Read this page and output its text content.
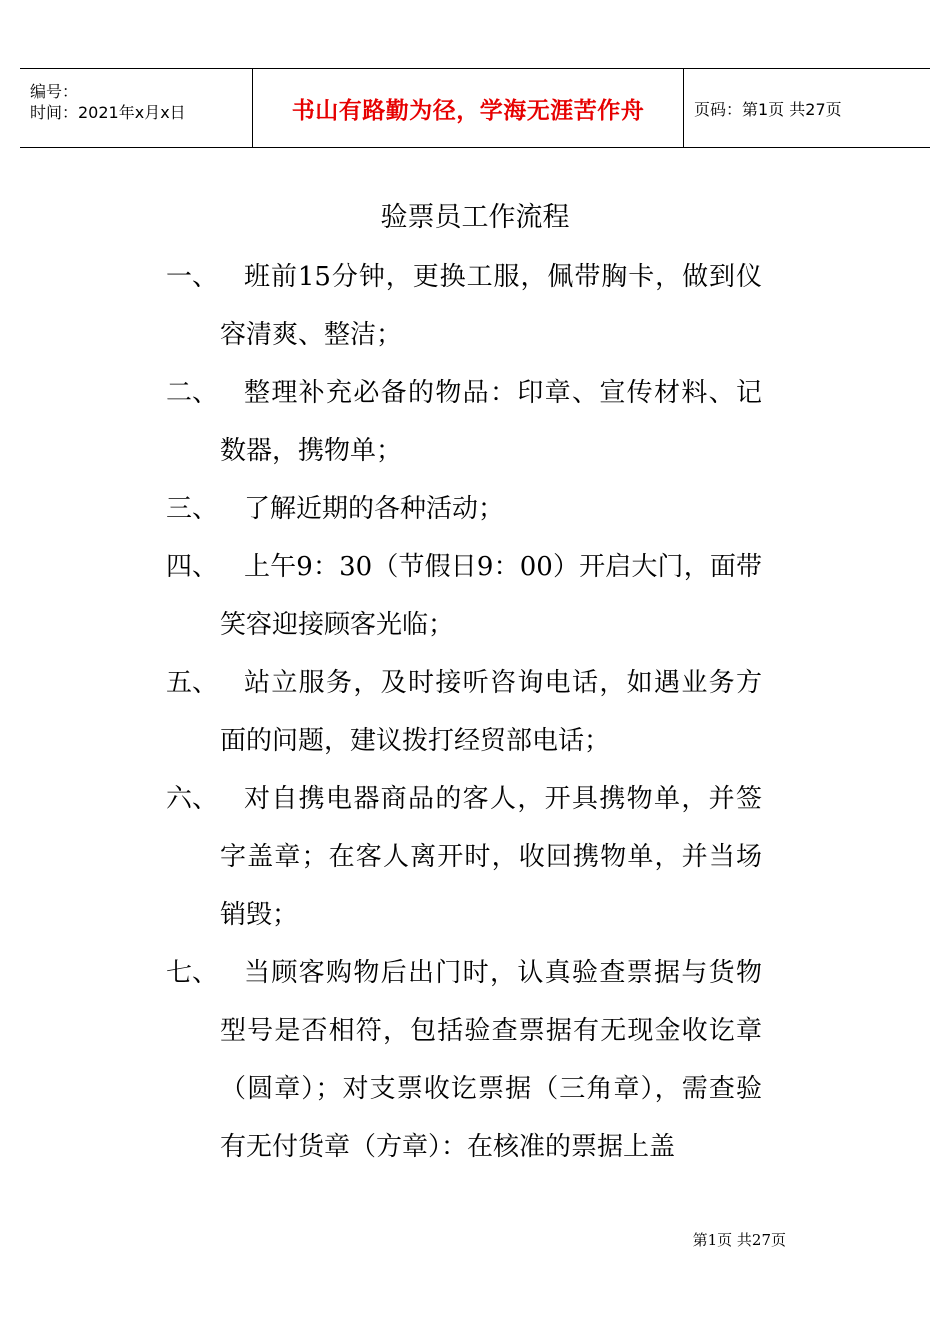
编号：
时间：2021年x月x日	书山有路勤为径，学海无涯苦作舟	页码：第1页 共27页
验票员工作流程
一、 班前15分钟，更换工服，佩带胸卡，做到仪容清爽、整洁；
二、 整理补充必备的物品：印章、宣传材料、记数器，携物单；
三、 了解近期的各种活动；
四、 上午9：30（节假日9：00）开启大门，面带笑容迎接顾客光临；
五、 站立服务，及时接听咨询电话，如遇业务方面的问题，建议拨打经贸部电话；
六、 对自携电器商品的客人，开具携物单，并签字盖章；在客人离开时，收回携物单，并当场销毁；
七、 当顾客购物后出门时，认真验查票据与货物型号是否相符，包括验查票据有无现金收讫章（圆章）；对支票收讫票据（三角章），需查验有无付货章（方章）：在核准的票据上盖
第1页 共27页
